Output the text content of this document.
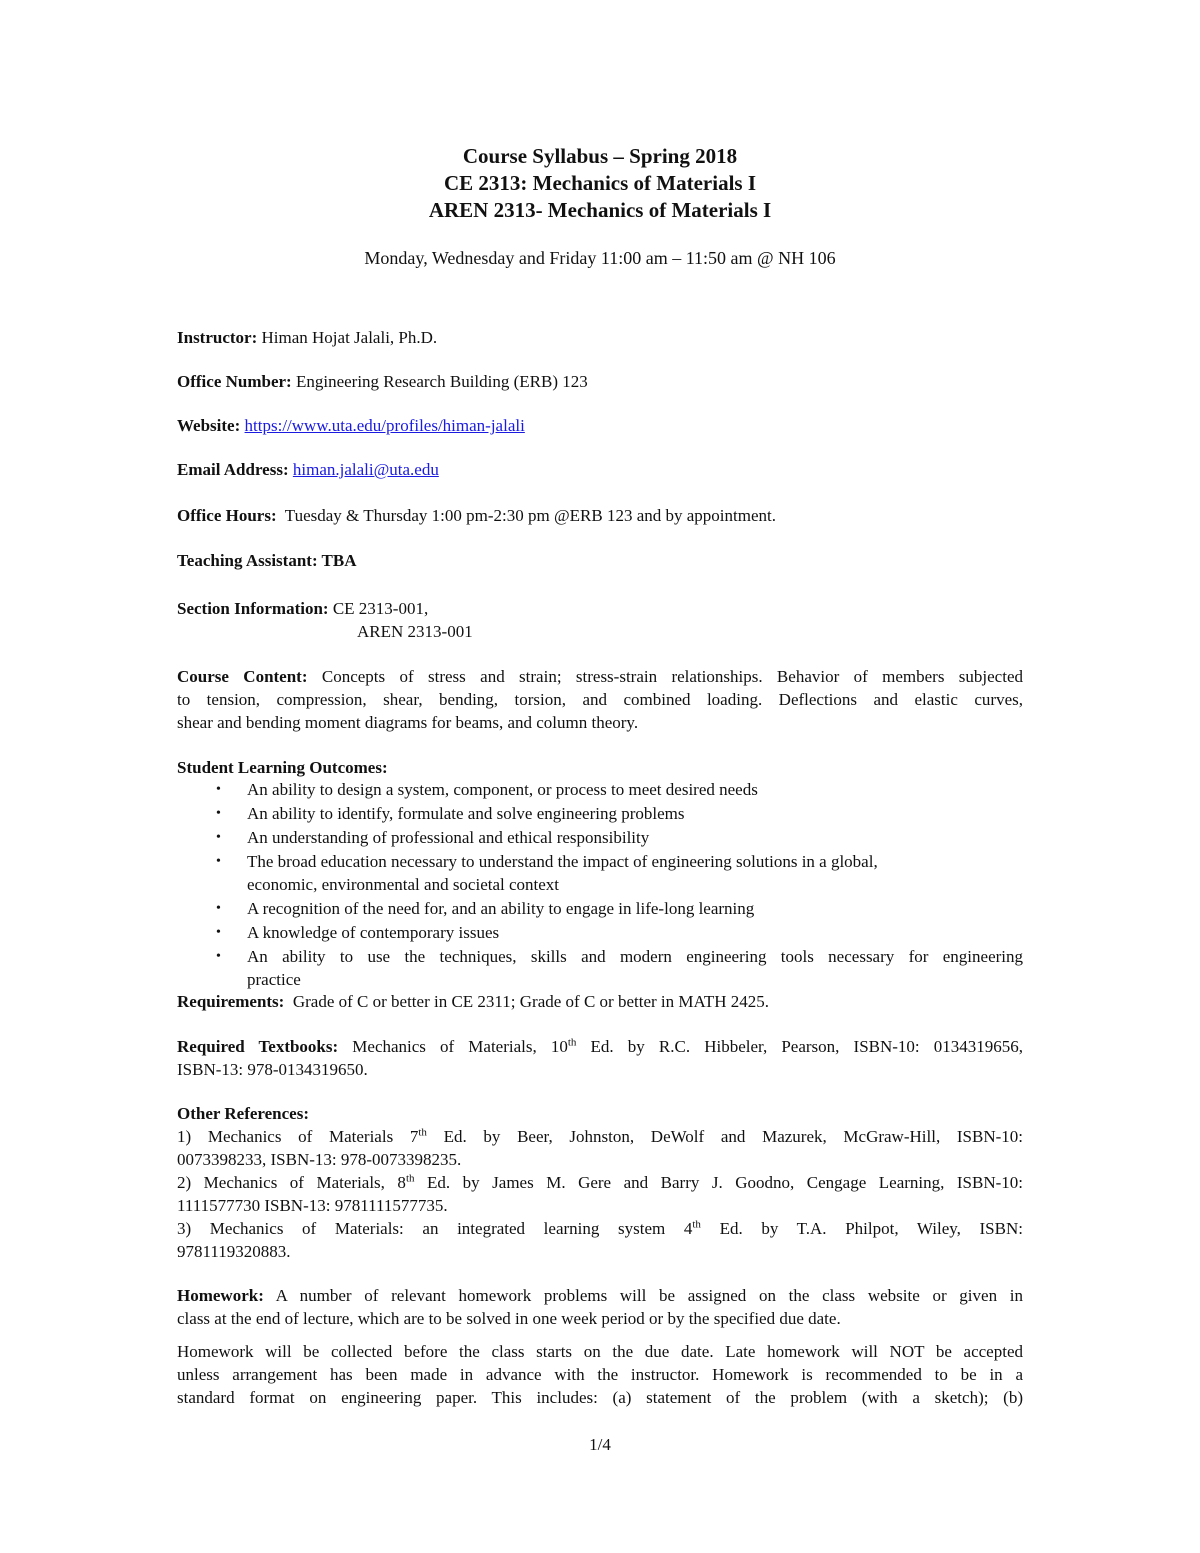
Course Syllabus – Spring 2018
CE 2313: Mechanics of Materials I
AREN 2313- Mechanics of Materials I
Monday, Wednesday and Friday 11:00 am – 11:50 am @ NH 106
Instructor: Himan Hojat Jalali, Ph.D.
Office Number: Engineering Research Building (ERB) 123
Website: https://www.uta.edu/profiles/himan-jalali
Email Address: himan.jalali@uta.edu
Office Hours:  Tuesday & Thursday 1:00 pm-2:30 pm @ERB 123 and by appointment.
Teaching Assistant: TBA
Section Information: CE 2313-001,
AREN 2313-001
Course Content: Concepts of stress and strain; stress-strain relationships. Behavior of members subjected
to tension, compression, shear, bending, torsion, and combined loading. Deflections and elastic curves,
shear and bending moment diagrams for beams, and column theory.
Student Learning Outcomes:
• An ability to design a system, component, or process to meet desired needs
• An ability to identify, formulate and solve engineering problems
• An understanding of professional and ethical responsibility
• The broad education necessary to understand the impact of engineering solutions in a global,
economic, environmental and societal context
• A recognition of the need for, and an ability to engage in life-long learning
• A knowledge of contemporary issues
• An ability to use the techniques, skills and modern engineering tools necessary for engineering
practice
Requirements:  Grade of C or better in CE 2311; Grade of C or better in MATH 2425.
Required Textbooks: Mechanics of Materials, 10th Ed. by R.C. Hibbeler, Pearson, ISBN-10: 0134319656,
ISBN-13: 978-0134319650.
Other References:
1) Mechanics of Materials 7th Ed. by Beer, Johnston, DeWolf and Mazurek, McGraw-Hill, ISBN-10:
0073398233, ISBN-13: 978-0073398235.
2) Mechanics of Materials, 8th Ed. by James M. Gere and Barry J. Goodno, Cengage Learning, ISBN-10:
1111577730 ISBN-13: 9781111577735.
3) Mechanics of Materials: an integrated learning system 4th Ed. by T.A. Philpot, Wiley, ISBN:
9781119320883.
Homework: A number of relevant homework problems will be assigned on the class website or given in
class at the end of lecture, which are to be solved in one week period or by the specified due date.
Homework will be collected before the class starts on the due date. Late homework will NOT be accepted
unless arrangement has been made in advance with the instructor. Homework is recommended to be in a
standard format on engineering paper. This includes: (a) statement of the problem (with a sketch); (b)
1/4
